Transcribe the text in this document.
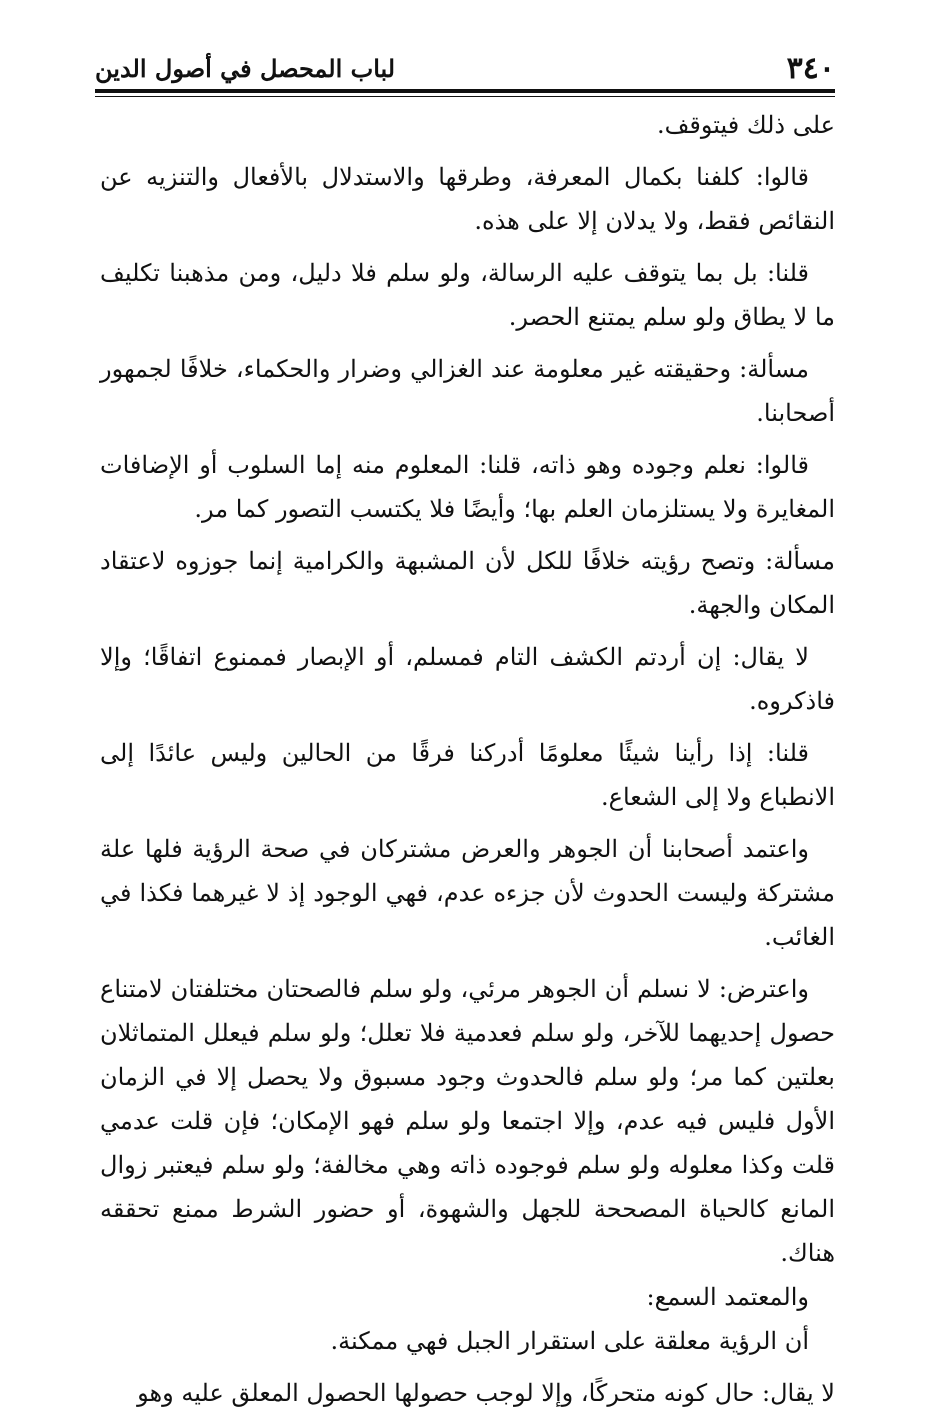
٣٤٠
لباب المحصل في أصول الدين

على ذلك فيتوقف.

قالوا: كلفنا بكمال المعرفة، وطرقها والاستدلال بالأفعال والتنزيه عن النقائص فقط، ولا يدلان إلا على هذه.

قلنا: بل بما يتوقف عليه الرسالة، ولو سلم فلا دليل، ومن مذهبنا تكليف ما لا يطاق ولو سلم يمتنع الحصر.

مسألة: وحقيقته غير معلومة عند الغزالي وضرار والحكماء، خلافًا لجمهور أصحابنا.

قالوا: نعلم وجوده وهو ذاته، قلنا: المعلوم منه إما السلوب أو الإضافات المغايرة ولا يستلزمان العلم بها؛ وأيضًا فلا يكتسب التصور كما مر.

مسألة: وتصح رؤيته خلافًا للكل لأن المشبهة والكرامية إنما جوزوه لاعتقاد المكان والجهة.

لا يقال: إن أردتم الكشف التام فمسلم، أو الإبصار فممنوع اتفاقًا؛ وإلا فاذكروه.

قلنا: إذا رأينا شيئًا معلومًا أدركنا فرقًا من الحالين وليس عائدًا إلى الانطباع ولا إلى الشعاع.

واعتمد أصحابنا أن الجوهر والعرض مشتركان في صحة الرؤية فلها علة مشتركة وليست الحدوث لأن جزءه عدم، فهي الوجود إذ لا غيرهما فكذا في الغائب.

واعترض: لا نسلم أن الجوهر مرئي، ولو سلم فالصحتان مختلفتان لامتناع حصول إحديهما للآخر، ولو سلم فعدمية فلا تعلل؛ ولو سلم فيعلل المتماثلان بعلتين كما مر؛ ولو سلم فالحدوث وجود مسبوق ولا يحصل إلا في الزمان الأول فليس فيه عدم، وإلا اجتمعا ولو سلم فهو الإمكان؛ فإن قلت عدمي قلت وكذا معلوله ولو سلم فوجوده ذاته وهي مخالفة؛ ولو سلم فيعتبر زوال المانع كالحياة المصححة للجهل والشهوة، أو حضور الشرط ممنع تحققه هناك.

والمعتمد السمع:

أن الرؤية معلقة على استقرار الجبل فهي ممكنة.

لا يقال: حال كونه متحركًا، وإلا لوجب حصولها الحصول المعلق عليه وهو
